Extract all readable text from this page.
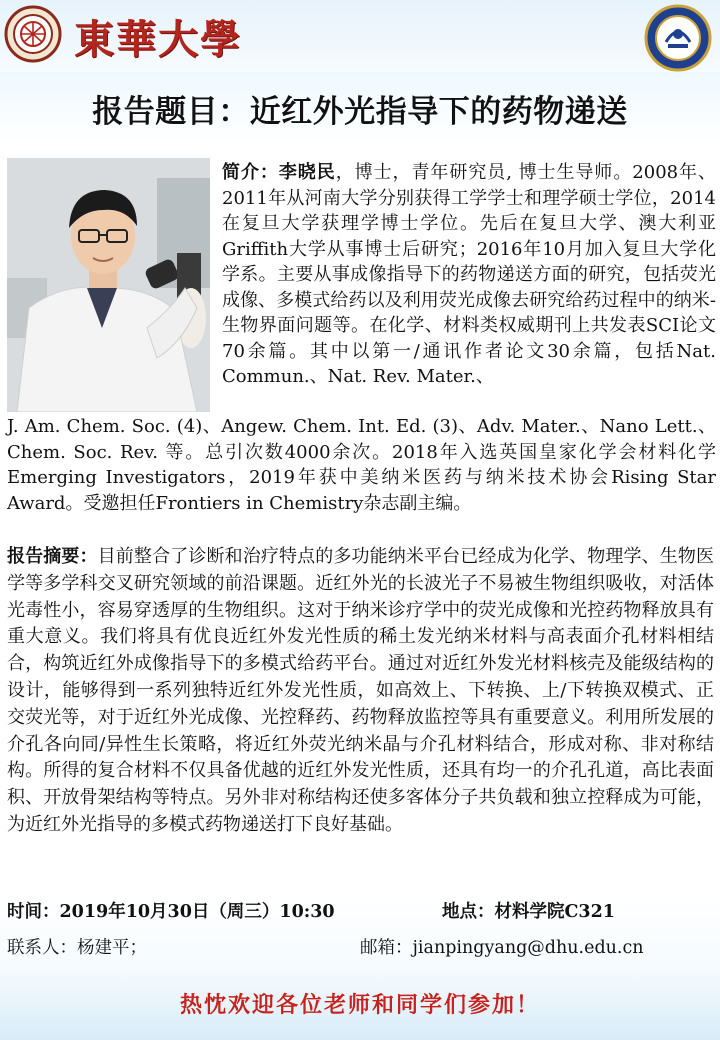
東華大學
报告题目：近红外光指导下的药物递送
简介：李晓民，博士，青年研究员, 博士生导师。2008年、2011年从河南大学分别获得工学学士和理学硕士学位，2014在复旦大学获理学博士学位。先后在复旦大学、澳大利亚Griffith大学从事博士后研究；2016年10月加入复旦大学化学系。主要从事成像指导下的药物递送方面的研究，包括荧光成像、多模式给药以及利用荧光成像去研究给药过程中的纳米-生物界面问题等。在化学、材料类权威期刊上共发表SCI论文70余篇。其中以第一/通讯作者论文30余篇，包括Nat. Commun.、Nat. Rev. Mater.、
J. Am. Chem. Soc. (4)、Angew. Chem. Int. Ed. (3)、Adv. Mater.、Nano Lett.、Chem. Soc. Rev. 等。总引次数4000余次。2018年入选英国皇家化学会材料化学Emerging Investigators，2019年获中美纳米医药与纳米技术协会Rising Star Award。受邀担任Frontiers in Chemistry杂志副主编。
报告摘要：目前整合了诊断和治疗特点的多功能纳米平台已经成为化学、物理学、生物医学等多学科交叉研究领域的前沿课题。近红外光的长波光子不易被生物组织吸收，对活体光毒性小，容易穿透厚的生物组织。这对于纳米诊疗学中的荧光成像和光控药物释放具有重大意义。我们将具有优良近红外发光性质的稀土发光纳米材料与高表面介孔材料相结合，构筑近红外成像指导下的多模式给药平台。通过对近红外发光材料核壳及能级结构的设计，能够得到一系列独特近红外发光性质，如高效上、下转换、上/下转换双模式、正交荧光等，对于近红外光成像、光控释药、药物释放监控等具有重要意义。利用所发展的介孔各向同/异性生长策略，将近红外荧光纳米晶与介孔材料结合，形成对称、非对称结构。所得的复合材料不仅具备优越的近红外发光性质，还具有均一的介孔孔道，高比表面积、开放骨架结构等特点。另外非对称结构还使多客体分子共负载和独立控释成为可能，为近红外光指导的多模式药物递送打下良好基础。
时间：2019年10月30日（周三）10:30	地点：材料学院C321
联系人：杨建平；	邮箱：jianpingyang@dhu.edu.cn
热忱欢迎各位老师和同学们参加！
